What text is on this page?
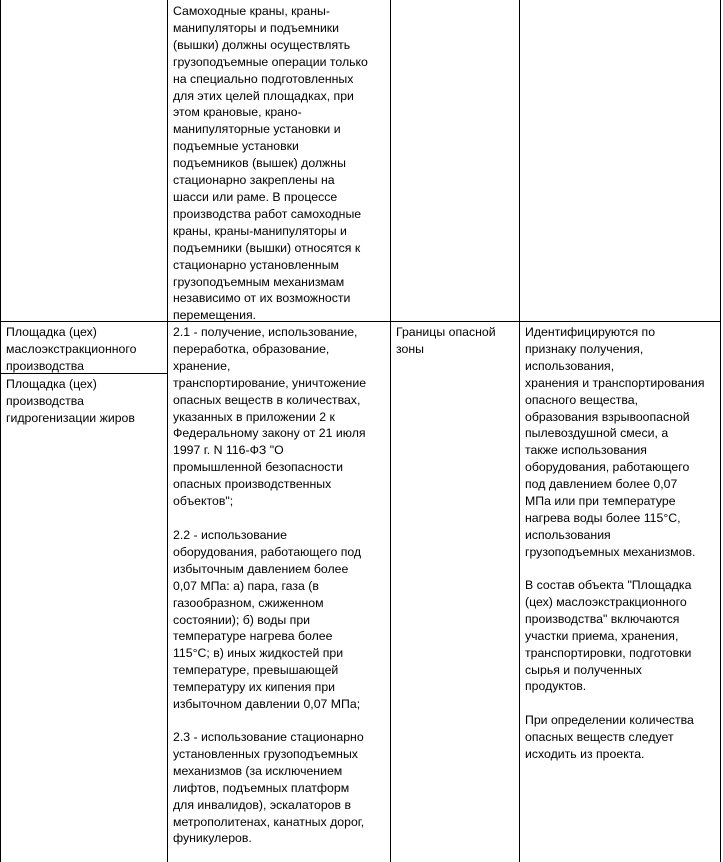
Самоходные краны, краны-
манипуляторы и подъемники
(вышки) должны осуществлять
грузоподъемные операции только
на специально подготовленных
для этих целей площадках, при
этом крановые, крано-
манипуляторные установки и
подъемные установки
подъемников (вышек) должны
стационарно закреплены на
шасси или раме. В процессе
производства работ самоходные
краны, краны-манипуляторы и
подъемники (вышки) относятся к
стационарно установленным
грузоподъемным механизмам
независимо от их возможности
перемещения.
Площадка (цех)
маслоэкстракционного
производства
Площадка (цех)
производства
гидрогенизации жиров
2.1 - получение, использование,
переработка, образование,
хранение,
транспортирование, уничтожение
опасных веществ в количествах,
указанных в приложении 2 к
Федеральному закону от 21 июля
1997 г. N 116-ФЗ "О
промышленной безопасности
опасных производственных
объектов";
2.2 - использование
оборудования, работающего под
избыточным давлением более
0,07 МПа: а) пара, газа (в
газообразном, сжиженном
состоянии); б) воды при
температуре нагрева более
115°С; в) иных жидкостей при
температуре, превышающей
температуру их кипения при
избыточном давлении 0,07 МПа;
2.3 - использование стационарно
установленных грузоподъемных
механизмов (за исключением
лифтов, подъемных платформ
для инвалидов), эскалаторов в
метрополитенах, канатных дорог,
фуникулеров.
Границы опасной
зоны
Идентифицируются по
признаку получения,
использования,
хранения и транспортирования
опасного вещества,
образования взрывоопасной
пылевоздушной смеси, а
также использования
оборудования, работающего
под давлением более 0,07
МПа или при температуре
нагрева воды более 115°С,
использования
грузоподъемных механизмов.
В состав объекта "Площадка
(цех) маслоэкстракционного
производства" включаются
участки приема, хранения,
транспортировки, подготовки
сырья и полученных
продуктов.
При определении количества
опасных веществ следует
исходить из проекта.
